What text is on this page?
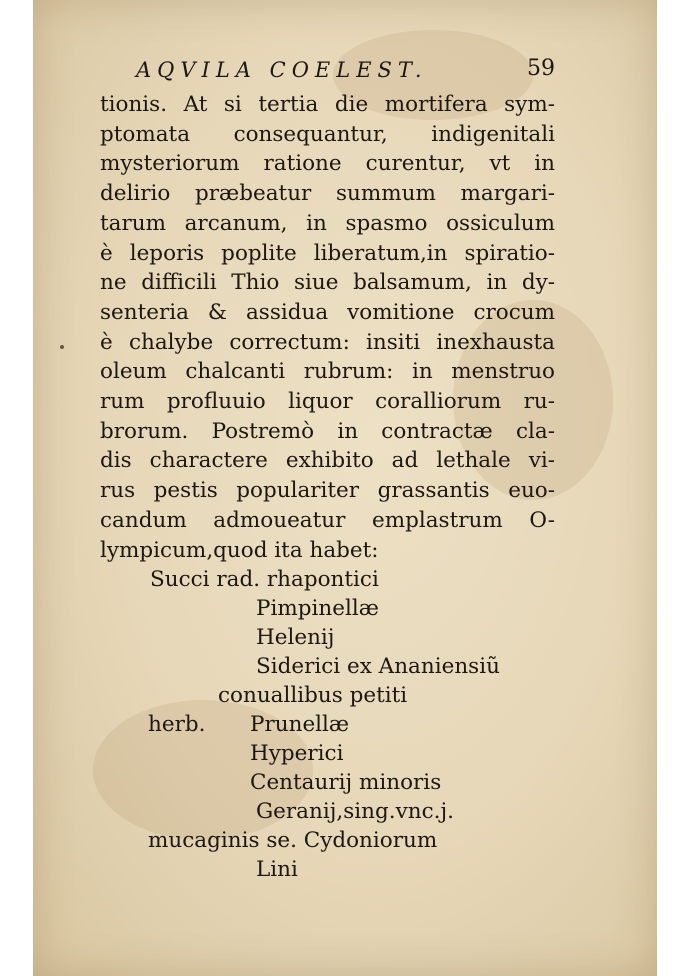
AQVILA COELEST.	59
tionis. At si tertia die mortifera sym-
ptomata consequantur, indigenitali
mysteriorum ratione curentur, vt in
delirio præbeatur summum margari-
tarum arcanum, in spasmo ossiculum
è leporis poplite liberatum,in spiratio-
ne difficili Thio siue balsamum, in dy-
senteria & assidua vomitione crocum
è chalybe correctum: insiti inexhausta
oleum chalcanti rubrum: in menstruo
rum profluuio liquor coralliorum ru-
brorum. Postremò in contractæ cla-
dis charactere exhibito ad lethale vi-
rus pestis populariter grassantis euo-
candum admoueatur emplastrum O-
lympicum,quod ita habet:
Succi rad. rhapontici
Pimpinellæ
Helenij
Siderici ex Ananiensiũ
conuallibus petiti
herb. Prunellæ
Hyperici
Centaurij minoris
Geranij,sing.vnc.j.
mucaginis se. Cydoniorum
Lini
